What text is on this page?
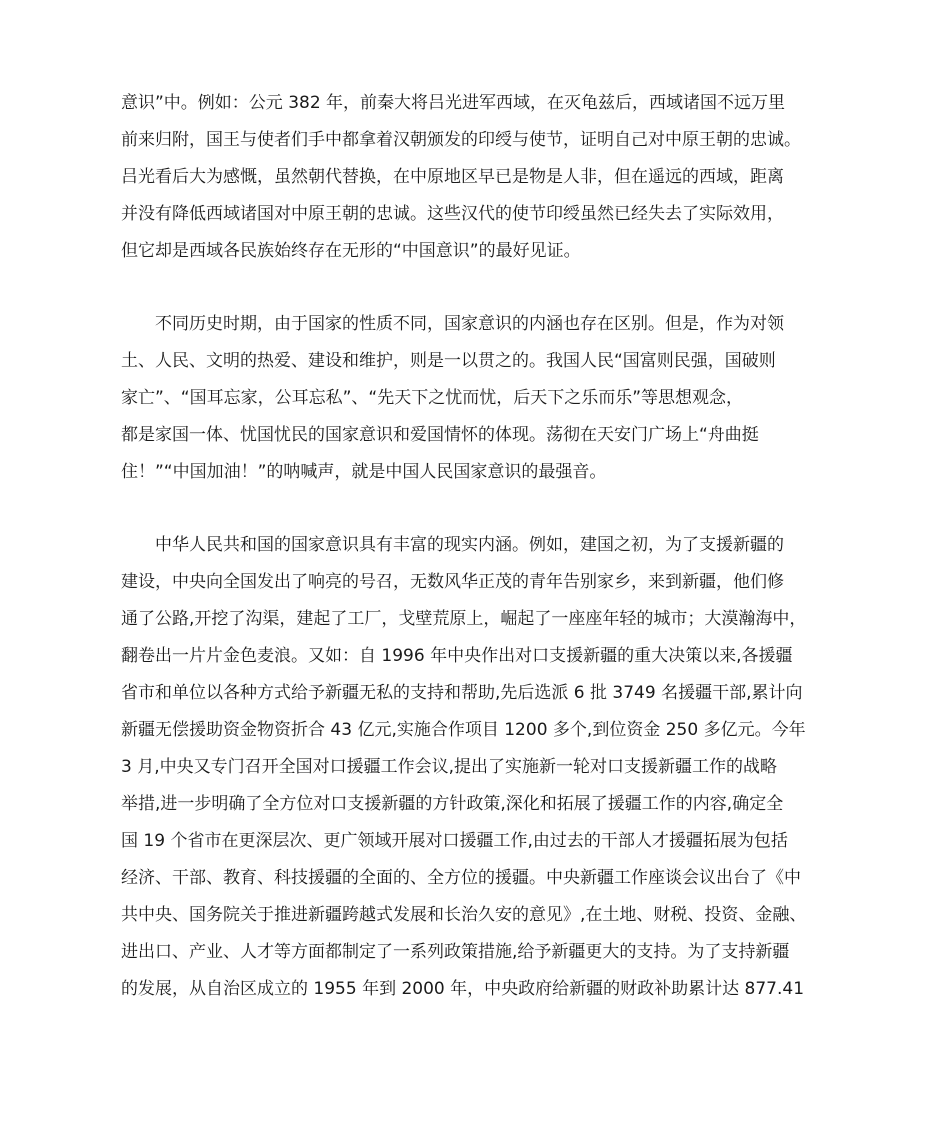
意识”中。例如：公元 382 年，前秦大将吕光进军西域，在灭龟兹后，西域诸国不远万里
前来归附，国王与使者们手中都拿着汉朝颁发的印绶与使节，证明自己对中原王朝的忠诚。
吕光看后大为感慨，虽然朝代替换，在中原地区早已是物是人非，但在遥远的西域，距离
并没有降低西域诸国对中原王朝的忠诚。这些汉代的使节印绶虽然已经失去了实际效用，
但它却是西域各民族始终存在无形的“中国意识”的最好见证。
不同历史时期，由于国家的性质不同，国家意识的内涵也存在区别。但是，作为对领
土、人民、文明的热爱、建设和维护，则是一以贯之的。我国人民“国富则民强，国破则
家亡”、“国耳忘家，公耳忘私”、“先天下之忧而忧，后天下之乐而乐”等思想观念，
都是家国一体、忧国忧民的国家意识和爱国情怀的体现。荡彻在天安门广场上“舟曲挺
住！”“中国加油！”的呐喊声，就是中国人民国家意识的最强音。
中华人民共和国的国家意识具有丰富的现实内涵。例如，建国之初，为了支援新疆的
建设，中央向全国发出了响亮的号召，无数风华正茂的青年告别家乡，来到新疆，他们修
通了公路,开挖了沟渠，建起了工厂，戈壁荒原上，崛起了一座座年轻的城市；大漠瀚海中，
翻卷出一片片金色麦浪。又如：自 1996 年中央作出对口支援新疆的重大决策以来,各援疆
省市和单位以各种方式给予新疆无私的支持和帮助,先后选派 6 批 3749 名援疆干部,累计向
新疆无偿援助资金物资折合 43 亿元,实施合作项目 1200 多个,到位资金 250 多亿元。今年
3 月,中央又专门召开全国对口援疆工作会议,提出了实施新一轮对口支援新疆工作的战略
举措,进一步明确了全方位对口支援新疆的方针政策,深化和拓展了援疆工作的内容,确定全
国 19 个省市在更深层次、更广领域开展对口援疆工作,由过去的干部人才援疆拓展为包括
经济、干部、教育、科技援疆的全面的、全方位的援疆。中央新疆工作座谈会议出台了《中
共中央、国务院关于推进新疆跨越式发展和长治久安的意见》,在土地、财税、投资、金融、
进出口、产业、人才等方面都制定了一系列政策措施,给予新疆更大的支持。为了支持新疆
的发展，从自治区成立的 1955 年到 2000 年，中央政府给新疆的财政补助累计达 877.41
